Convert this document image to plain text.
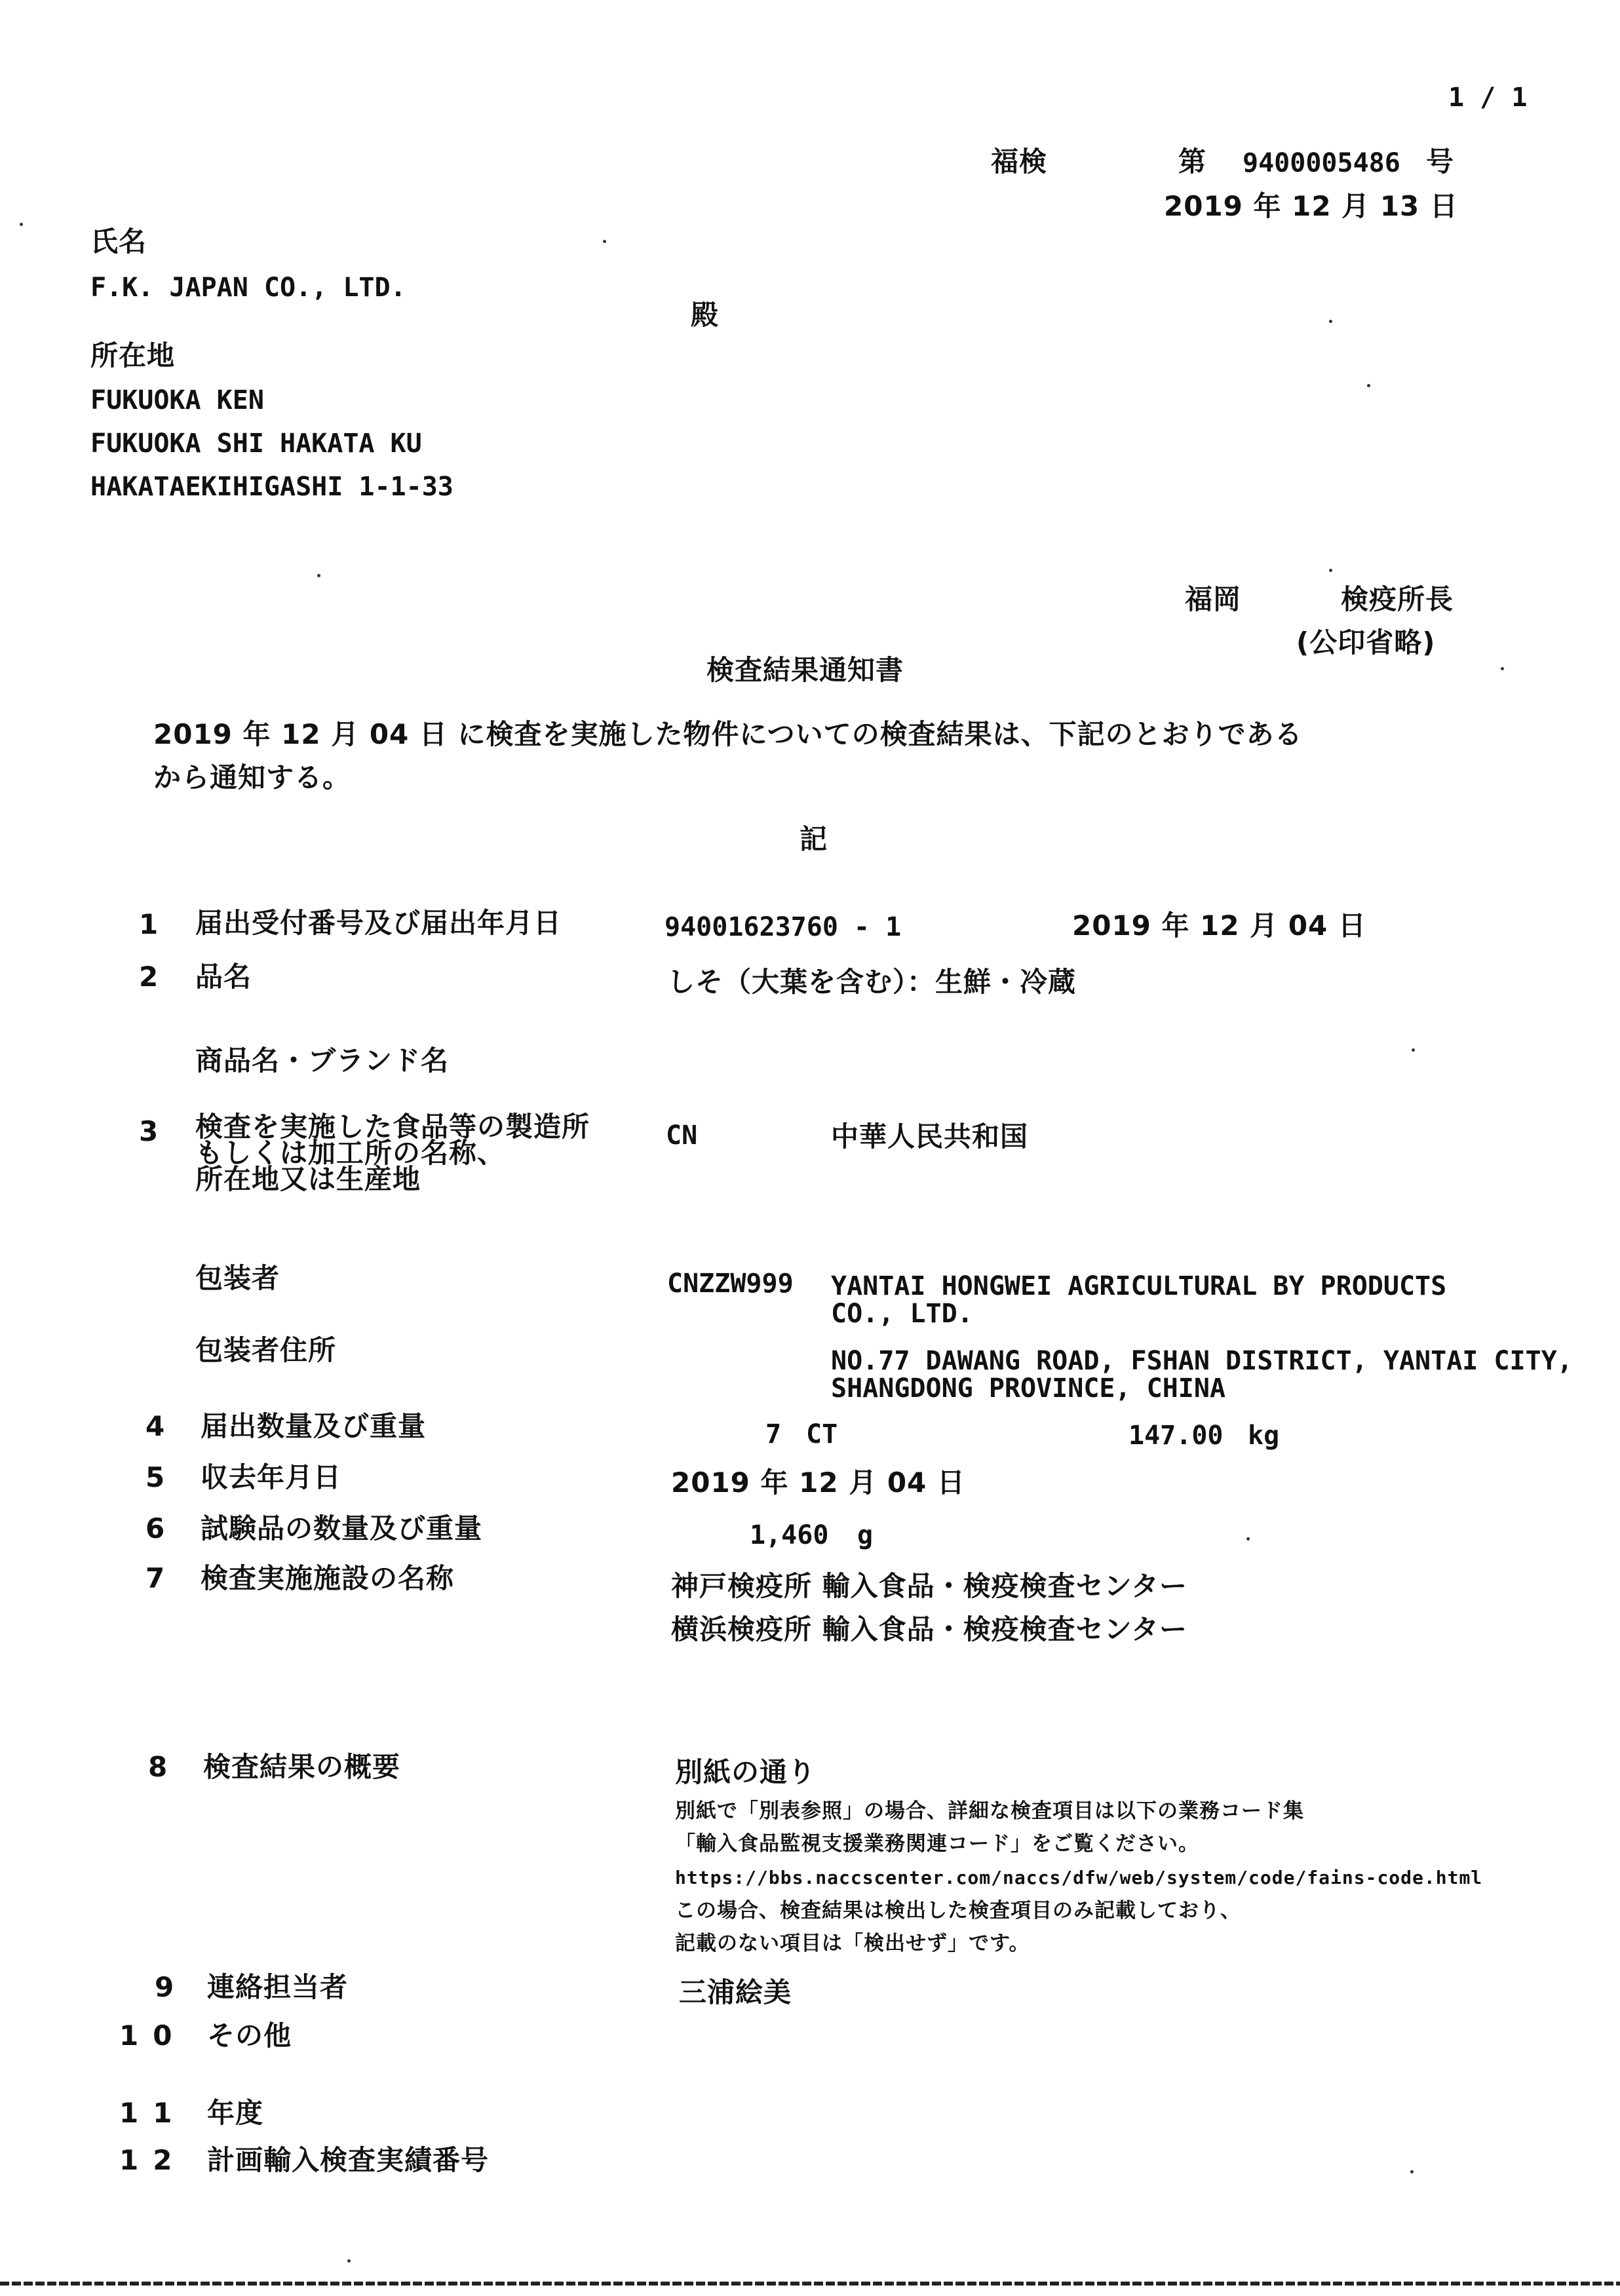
1 / 1
福検	第 9400005486 号
2019 年 12 月 13 日
氏名
F.K. JAPAN CO., LTD.
殿
所在地
FUKUOKA KEN
FUKUOKA SHI HAKATA KU
HAKATAEKIHIGASHI 1-1-33
福岡	検疫所長
(公印省略)
検査結果通知書
2019 年 12 月 04 日 に検査を実施した物件についての検査結果は、下記のとおりである
から通知する。
記
1 届出受付番号及び届出年月日	94001623760 - 1	2019 年 12 月 04 日
2 品名	しそ（大葉を含む）：生鮮・冷蔵
商品名・ブランド名
3 検査を実施した食品等の製造所
もしくは加工所の名称、
所在地又は生産地
CN	中華人民共和国
包装者	CNZZW999 YANTAI HONGWEI AGRICULTURAL BY PRODUCTS
CO., LTD.
包装者住所	NO.77 DAWANG ROAD, FSHAN DISTRICT, YANTAI CITY,
SHANGDONG PROVINCE, CHINA
4 届出数量及び重量	7 CT	147.00 kg
5 収去年月日	2019 年 12 月 04 日
6 試験品の数量及び重量	1,460 g
7 検査実施施設の名称	神戸検疫所 輸入食品・検疫検査センター
横浜検疫所 輸入食品・検疫検査センター
8 検査結果の概要	別紙の通り
別紙で「別表参照」の場合、詳細な検査項目は以下の業務コード集
「輸入食品監視支援業務関連コード」をご覧ください。
https://bbs.naccscenter.com/naccs/dfw/web/system/code/fains-code.html
この場合、検査結果は検出した検査項目のみ記載しており、
記載のない項目は「検出せず」です。
9 連絡担当者	三浦絵美
10 その他
11 年度
12 計画輸入検査実績番号
